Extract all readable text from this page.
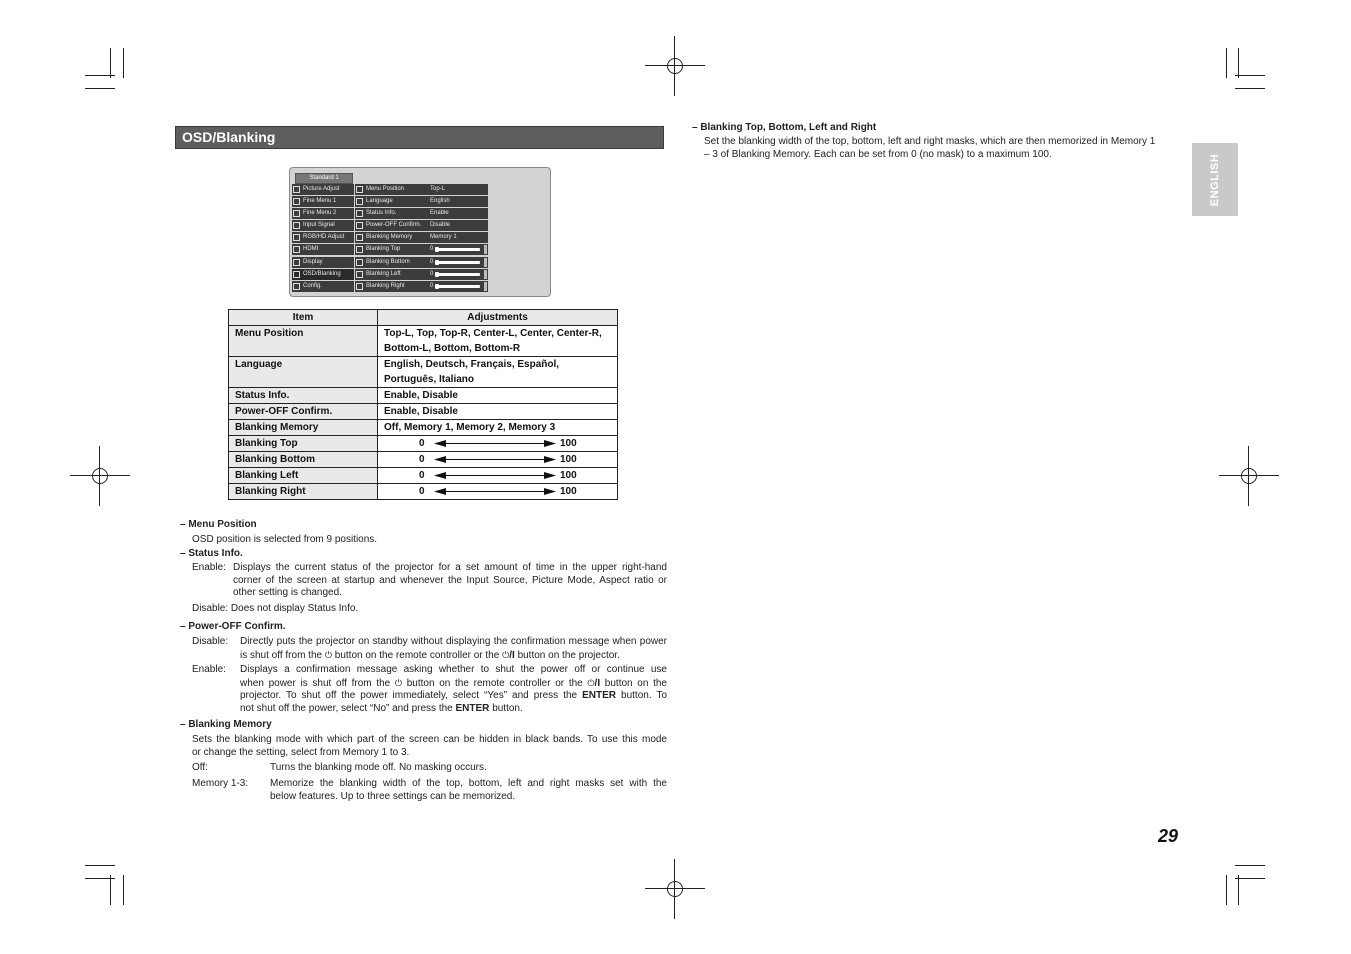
OSD/Blanking
Standard 1
Picture Adjust
Fine Menu 1
Fine Menu 2
Input Signal
RGB/HD Adjust
HDMI
Display
OSD/Blanking
Config.
Menu Position	Top-L
Language	English
Status Info.	Enable
Power-OFF Confirm. Disable
Blanking Memory	Memory 1
Blanking Top	0
Blanking Bottom	0
Blanking Left	0
Blanking Right	0
Item	Adjustments
Menu Position	Top-L, Top, Top-R, Center-L, Center, Center-R,
Bottom-L, Bottom, Bottom-R

Language	English, Deutsch, Français, Español,
Português, Italiano

Status Info.	Enable, Disable
Power-OFF Confirm.	Enable, Disable
Blanking Memory	Off, Memory 1, Memory 2, Memory 3
Blanking Top	0 100

Blanking Bottom	0 100

Blanking Left	0 100

Blanking Right	0 100
– Menu Position
OSD position is selected from 9 positions.
– Status Info.
Enable: Displays the current status of the projector for a set amount of time in the upper right-hand
corner of the screen at startup and whenever the Input Source, Picture Mode, Aspect ratio or
other setting is changed.
Disable: Does not display Status Info.
– Power-OFF Confirm.
Disable: Directly puts the projector on standby without displaying the confirmation message when power
is shut off from the ⏻ button on the remote controller or the ⏻/I button on the projector.
Enable: Displays a confirmation message asking whether to shut the power off or continue use
when power is shut off from the ⏻ button on the remote controller or the ⏻/I button on the
projector. To shut off the power immediately, select “Yes” and press the ENTER button. To
not shut off the power, select “No” and press the ENTER button.
– Blanking Memory
Sets the blanking mode with which part of the screen can be hidden in black bands. To use this mode
or change the setting, select from Memory 1 to 3.
Off:	Turns the blanking mode off. No masking occurs.
Memory 1-3: Memorize the blanking width of the top, bottom, left and right masks set with the
below features. Up to three settings can be memorized.
– Blanking Top, Bottom, Left and Right
Set the blanking width of the top, bottom, left and right masks, which are then memorized in Memory 1
– 3 of Blanking Memory. Each can be set from 0 (no mask) to a maximum 100.	ENGLISH
29
